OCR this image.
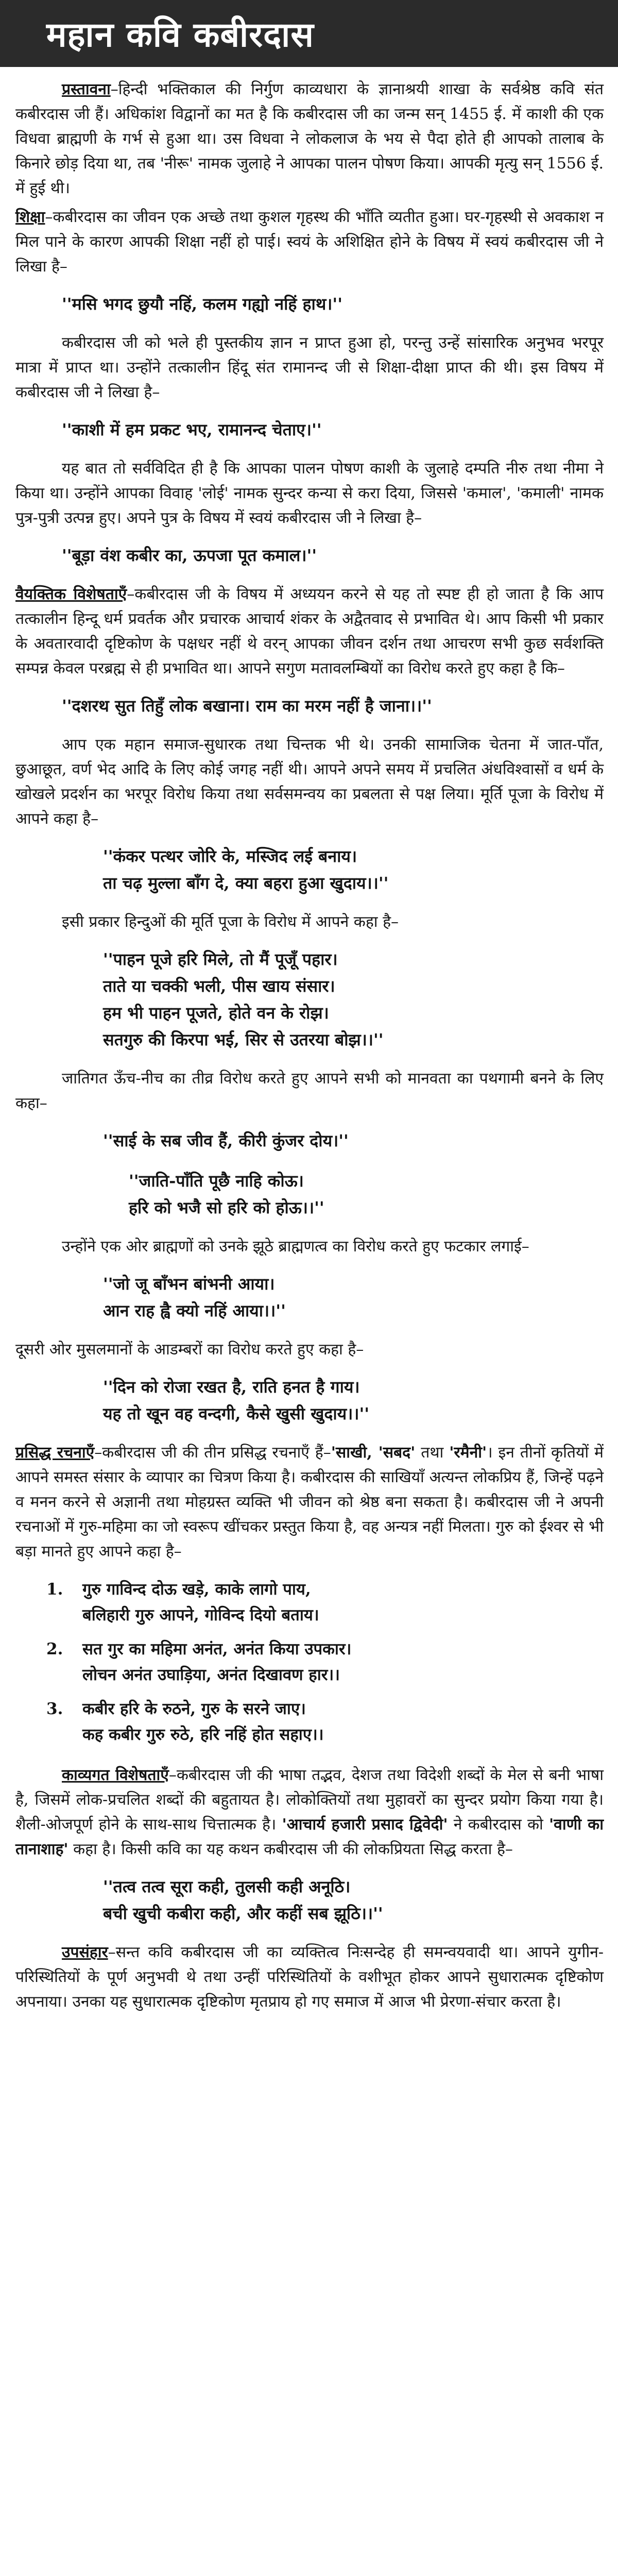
महान कवि कबीरदास

प्रस्तावना–हिन्दी भक्तिकाल की निर्गुण काव्यधारा के ज्ञानाश्रयी शाखा के सर्वश्रेष्ठ कवि संत कबीरदास जी हैं। अधिकांश विद्वानों का मत है कि कबीरदास जी का जन्म सन् 1455 ई. में काशी की एक विधवा ब्राह्मणी के गर्भ से हुआ था। उस विधवा ने लोकलाज के भय से पैदा होते ही आपको तालाब के किनारे छोड़ दिया था, तब 'नीरू' नामक जुलाहे ने आपका पालन पोषण किया। आपकी मृत्यु सन् 1556 ई. में हुई थी।

शिक्षा–कबीरदास का जीवन एक अच्छे तथा कुशल गृहस्थ की भाँति व्यतीत हुआ। घर-गृहस्थी से अवकाश न मिल पाने के कारण आपकी शिक्षा नहीं हो पाई। स्वयं के अशिक्षित होने के विषय में स्वयं कबीरदास जी ने लिखा है–

''मसि भगद छुयौ नहिं, कलम गह्यो नहिं हाथ।''

कबीरदास जी को भले ही पुस्तकीय ज्ञान न प्राप्त हुआ हो, परन्तु उन्हें सांसारिक अनुभव भरपूर मात्रा में प्राप्त था। उन्होंने तत्कालीन हिंदू संत रामानन्द जी से शिक्षा-दीक्षा प्राप्त की थी। इस विषय में कबीरदास जी ने लिखा है–

''काशी में हम प्रकट भए, रामानन्द चेताए।''

यह बात तो सर्वविदित ही है कि आपका पालन पोषण काशी के जुलाहे दम्पति नीरु तथा नीमा ने किया था। उन्होंने आपका विवाह 'लोई' नामक सुन्दर कन्या से करा दिया, जिससे 'कमाल', 'कमाली' नामक पुत्र-पुत्री उत्पन्न हुए। अपने पुत्र के विषय में स्वयं कबीरदास जी ने लिखा है–

''बूड़ा वंश कबीर का, ऊपजा पूत कमाल।''

वैयक्तिक विशेषताएँ–कबीरदास जी के विषय में अध्ययन करने से यह तो स्पष्ट ही हो जाता है कि आप तत्कालीन हिन्दू धर्म प्रवर्तक और प्रचारक आचार्य शंकर के अद्वैतवाद से प्रभावित थे। आप किसी भी प्रकार के अवतारवादी दृष्टिकोण के पक्षधर नहीं थे वरन् आपका जीवन दर्शन तथा आचरण सभी कुछ सर्वशक्ति सम्पन्न केवल परब्रह्म से ही प्रभावित था। आपने सगुण मतावलम्बियों का विरोध करते हुए कहा है कि–

''दशरथ सुत तिहुँ लोक बखाना। राम का मरम नहीं है जाना।।''

आप एक महान समाज-सुधारक तथा चिन्तक भी थे। उनकी सामाजिक चेतना में जात-पाँत, छुआछूत, वर्ण भेद आदि के लिए कोई जगह नहीं थी। आपने अपने समय में प्रचलित अंधविश्वासों व धर्म के खोखले प्रदर्शन का भरपूर विरोध किया तथा सर्वसमन्वय का प्रबलता से पक्ष लिया। मूर्ति पूजा के विरोध में आपने कहा है–

''कंकर पत्थर जोरि के, मस्जिद लई बनाय।
ता चढ़ मुल्ला बाँग दे, क्या बहरा हुआ खुदाय।।''

इसी प्रकार हिन्दुओं की मूर्ति पूजा के विरोध में आपने कहा है–

''पाहन पूजे हरि मिले, तो मैं पूजूँ पहार।
ताते या चक्की भली, पीस खाय संसार।
हम भी पाहन पूजते, होते वन के रोझ।
सतगुरु की किरपा भई, सिर से उतरया बोझ।।''

जातिगत ऊँच-नीच का तीव्र विरोध करते हुए आपने सभी को मानवता का पथगामी बनने के लिए कहा–

''साई के सब जीव हैं, कीरी कुंजर दोय।''
''जाति-पाँति पूछै नाहि कोऊ।
हरि को भजै सो हरि को होऊ।।''

उन्होंने एक ओर ब्राह्मणों को उनके झूठे ब्राह्मणत्व का विरोध करते हुए फटकार लगाई–

''जो जू बाँभन बांभनी आया।
आन राह ह्वै क्यो नहिं आया।।''

दूसरी ओर मुसलमानों के आडम्बरों का विरोध करते हुए कहा है–

''दिन को रोजा रखत है, राति हनत है गाय।
यह तो खून वह वन्दगी, कैसे खुसी खुदाय।।''

प्रसिद्ध रचनाएँ–कबीरदास जी की तीन प्रसिद्ध रचनाएँ हैं–'साखी, 'सबद' तथा 'रमैनी'। इन तीनों कृतियों में आपने समस्त संसार के व्यापार का चित्रण किया है। कबीरदास की साखियाँ अत्यन्त लोकप्रिय हैं, जिन्हें पढ़ने व मनन करने से अज्ञानी तथा मोहग्रस्त व्यक्ति भी जीवन को श्रेष्ठ बना सकता है। कबीरदास जी ने अपनी रचनाओं में गुरु-महिमा का जो स्वरूप खींचकर प्रस्तुत किया है, वह अन्यत्र नहीं मिलता। गुरु को ईश्वर से भी बड़ा मानते हुए आपने कहा है–

1.	गुरु गाविन्द दोऊ खड़े, काके लागो पाय,
बलिहारी गुरु आपने, गोविन्द दियो बताय।
2.	सत गुर का महिमा अनंत, अनंत किया उपकार।
लोचन अनंत उघाड़िया, अनंत दिखावण हार।।
3.	कबीर हरि के रुठने, गुरु के सरने जाए।
कह कबीर गुरु रुठे, हरि नहिं होत सहाए।।

काव्यगत विशेषताएँ–कबीरदास जी की भाषा तद्भव, देशज तथा विदेशी शब्दों के मेल से बनी भाषा है, जिसमें लोक-प्रचलित शब्दों की बहुतायत है। लोकोक्तियों तथा मुहावरों का सुन्दर प्रयोग किया गया है। शैली-ओजपूर्ण होने के साथ-साथ चित्तात्मक है। 'आचार्य हजारी प्रसाद द्विवेदी' ने कबीरदास को 'वाणी का तानाशाह' कहा है। किसी कवि का यह कथन कबीरदास जी की लोकप्रियता सिद्ध करता है–

''तत्व तत्व सूरा कही, तुलसी कही अनूठि।
बची खुची कबीरा कही, और कहीं सब झूठि।।''

उपसंहार–सन्त कवि कबीरदास जी का व्यक्तित्व निःसन्देह ही समन्वयवादी था। आपने युगीन-परिस्थितियों के पूर्ण अनुभवी थे तथा उन्हीं परिस्थितियों के वशीभूत होकर आपने सुधारात्मक दृष्टिकोण अपनाया। उनका यह सुधारात्मक दृष्टिकोण मृतप्राय हो गए समाज में आज भी प्रेरणा-संचार करता है।
